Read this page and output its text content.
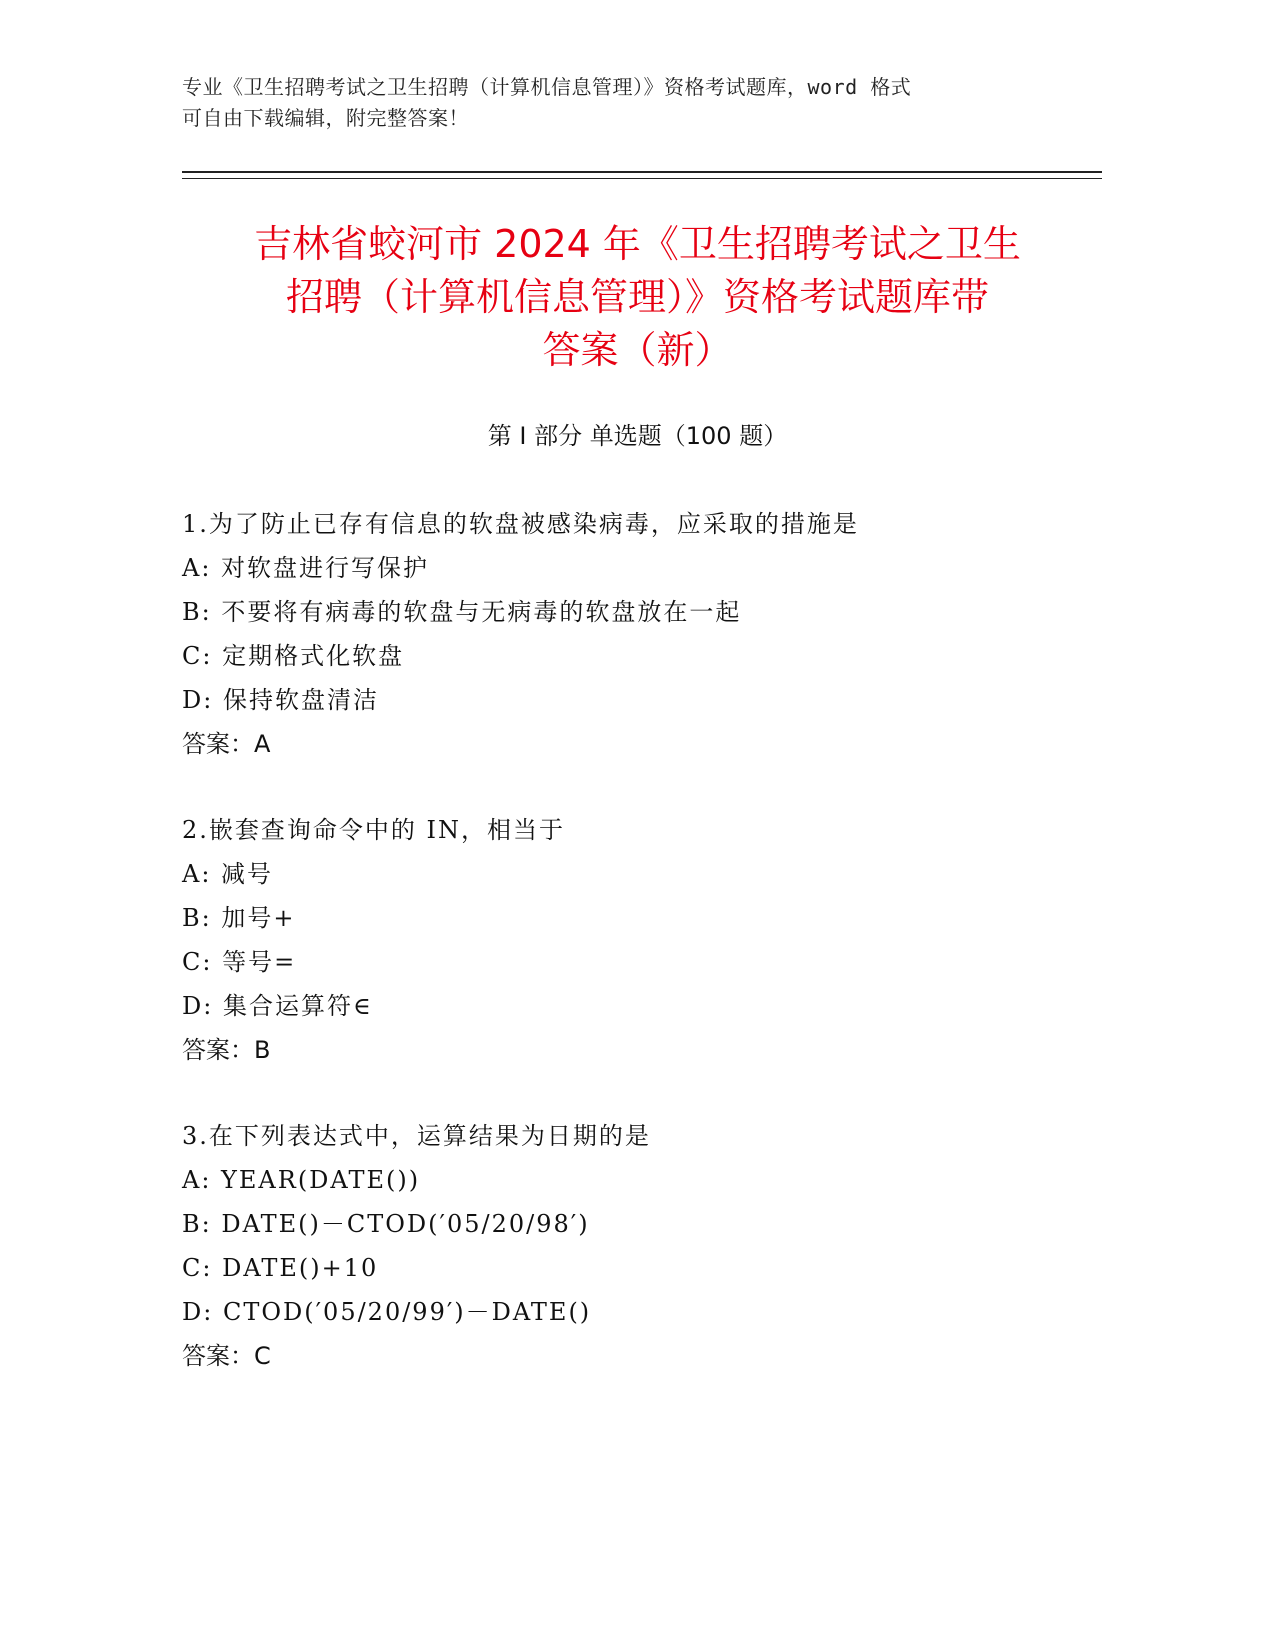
专业《卫生招聘考试之卫生招聘（计算机信息管理）》资格考试题库，word 格式
可自由下载编辑，附完整答案！
吉林省蛟河市 2024 年《卫生招聘考试之卫生
招聘（计算机信息管理）》资格考试题库带
答案（新）
第 I 部分 单选题（100 题）
1.为了防止已存有信息的软盘被感染病毒，应采取的措施是
A: 对软盘进行写保护
B: 不要将有病毒的软盘与无病毒的软盘放在一起
C: 定期格式化软盘
D: 保持软盘清洁
答案：A
2.嵌套查询命令中的 IN，相当于
A: 减号
B: 加号+
C: 等号=
D: 集合运算符∈
答案：B
3.在下列表达式中，运算结果为日期的是
A: YEAR(DATE())
B: DATE()－CTOD(′05/20/98′)
C: DATE()+10
D: CTOD(′05/20/99′)－DATE()
答案：C
